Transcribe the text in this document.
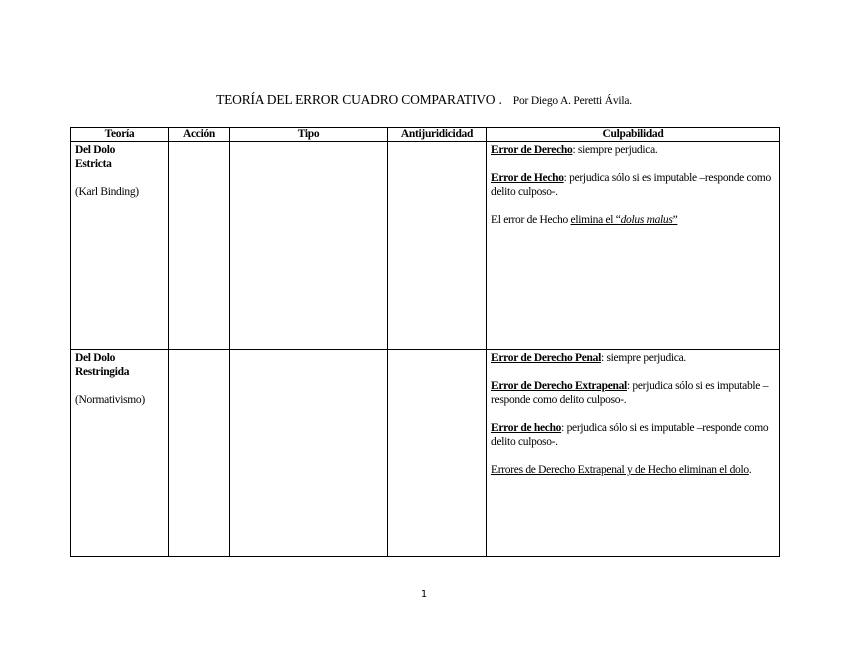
TEORÍA DEL ERROR CUADRO COMPARATIVO . Por Diego A. Peretti Ávila.
Teoría	Acción	Tipo	Antijuridicidad	Culpabilidad

Del Dolo Estricta
(Karl Binding)				Error de Derecho: siempre perjudica.
Error de Hecho: perjudica sólo si es imputable –responde como delito culposo-.
El error de Hecho elimina el “dolus malus”

Del Dolo Restringida
(Normativismo)				Error de Derecho Penal: siempre perjudica.
Error de Derecho Extrapenal: perjudica sólo si es imputable –responde como delito culposo-.
Error de hecho: perjudica sólo si es imputable –responde como delito culposo-.
Errores de Derecho Extrapenal y de Hecho eliminan el dolo.
1
